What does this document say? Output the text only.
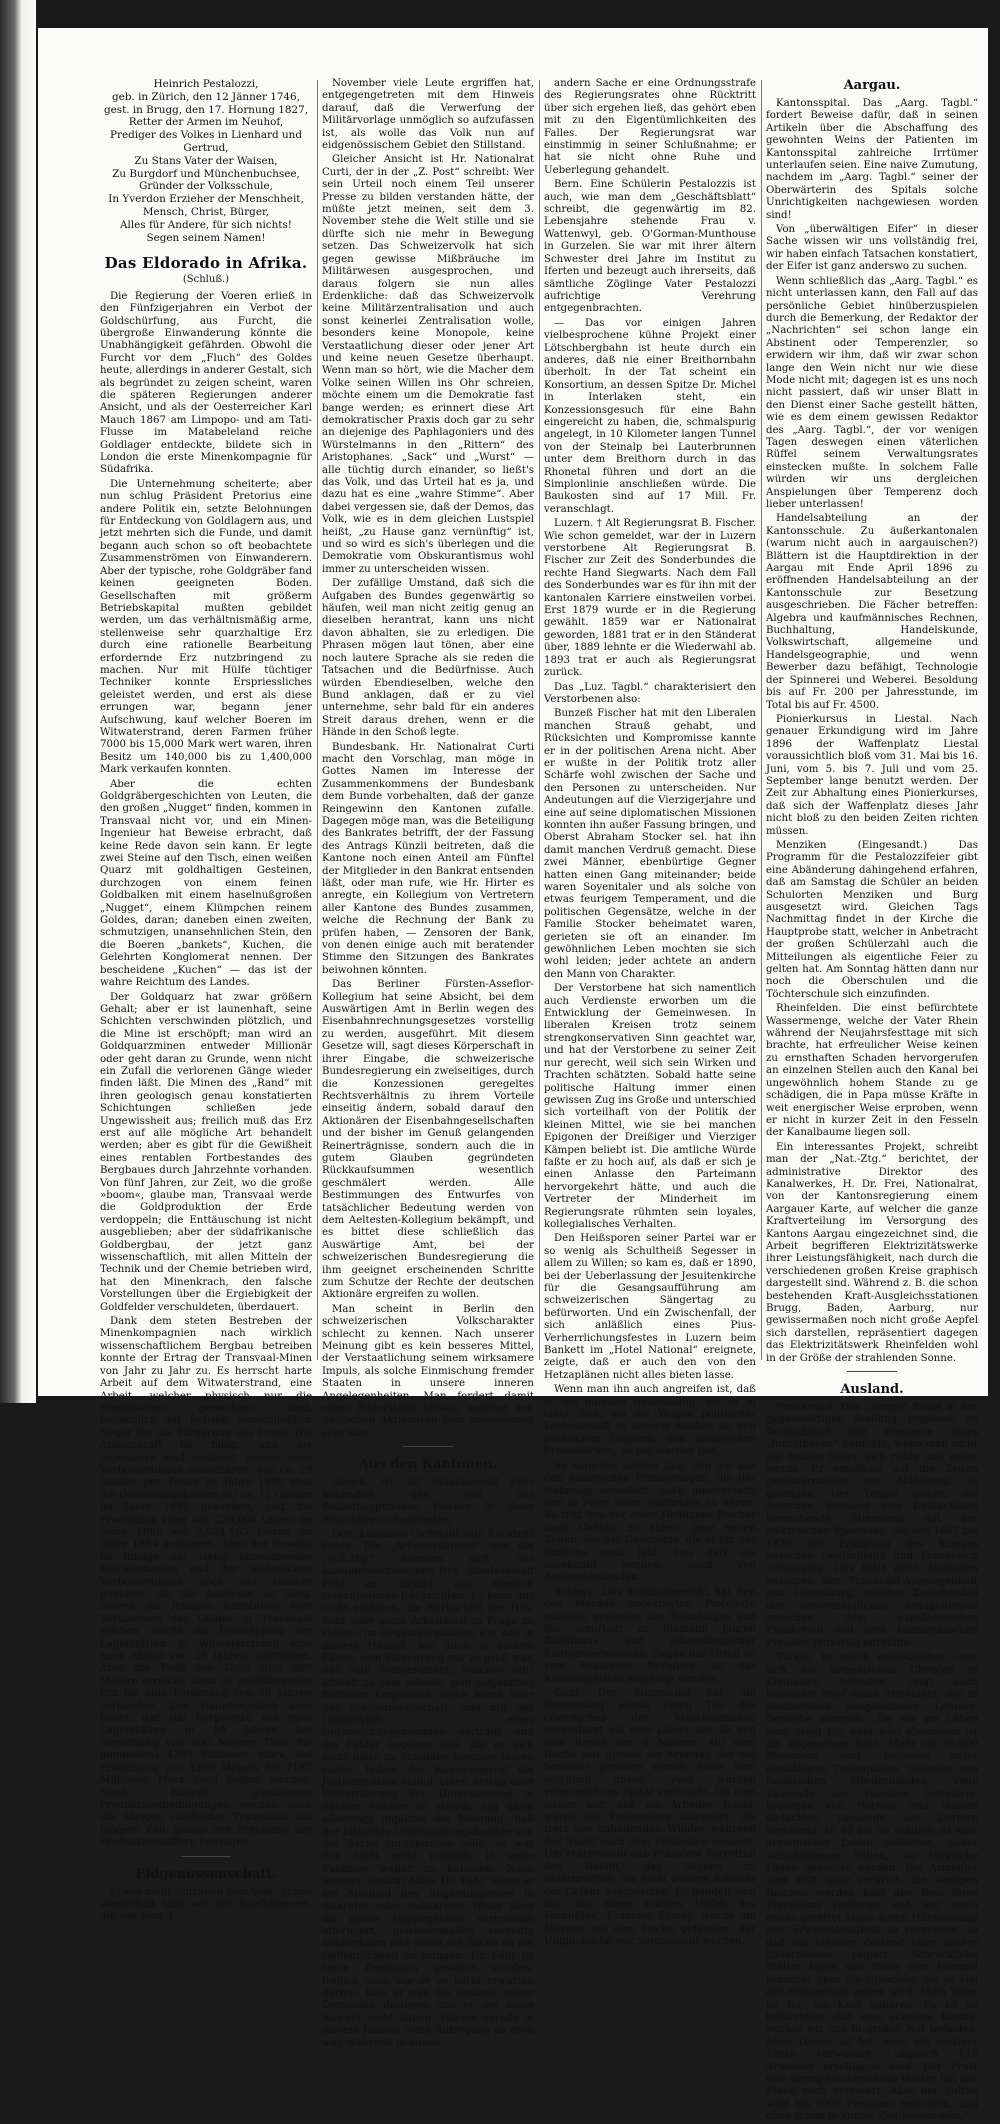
Heinrich Pestalozzi,
geb. in Zürich, den 12 Jänner 1746,
gest. in Brugg, den 17. Hornung 1827,
Retter der Armen im Neuhof,
Prediger des Volkes in Lienhard und Gertrud,
Zu Stans Vater der Waisen,
Zu Burgdorf und Münchenbuchsee,
Gründer der Volksschule,
In Yverdon Erzieher der Menschheit,
Mensch, Christ, Bürger,
Alles für Andere, für sich nichts!
Segen seinem Namen!
Das Eldorado in Afrika.
(Schluß.)

Die Regierung der Voeren erließ in den Fünfzigerjahren ein Verbot der Goldschürfung, aus Furcht, die übergroße Einwanderung könnte die Unabhängigkeit gefährden. Obwohl die Furcht vor dem „Fluch“ des Goldes heute, allerdings in anderer Gestalt, sich als begründet zu zeigen scheint, waren die späteren Regierungen anderer Ansicht, und als der Oesterreicher Karl Mauch 1867 am Limpopo- und am Tati-Flusse im Matabeleland reiche Goldlager entdeckte, bildete sich in London die erste Minenkompagnie für Südafrika.

Die Unternehmung scheiterte; aber nun schlug Präsident Pretorius eine andere Politik ein, setzte Belohnungen für Entdeckung von Goldlagern aus, und jetzt mehrten sich die Funde, und damit begann auch schon so oft beobachtete Zusammenströmen von Einwanderern. Aber der typische, rohe Goldgräber fand keinen geeigneten Boden. Gesellschaften mit größerm Betriebskapital mußten gebildet werden, um das verhältnismäßig arme, stellenweise sehr quarzhaltige Erz durch eine rationelle Bearbeitung erfordernde Erz nutzbringend zu machen. Nur mit Hülfe tüchtiger Techniker konnte Erspriessliches geleistet werden, und erst als diese errungen war, begann jener Aufschwung, kauf welcher Boeren im Witwaterstrand, deren Farmen früher 7000 bis 15,000 Mark wert waren, ihren Besitz um 140,000 bis zu 1,400,000 Mark verkaufen konnten.

Aber die echten Goldgräbergeschichten von Leuten, die den großen „Nugget“ finden, kommen in Transvaal nicht vor, und ein Minen-Ingenieur hat Beweise erbracht, daß keine Rede davon sein kann. Er legte zwei Steine auf den Tisch, einen weißen Quarz mit goldhaltigen Gesteinen, durchzogen von einem feinen Goldbalken mit einem haselnußgroßen „Nugget“, einem Klümpchen reinem Goldes, daran; daneben einen zweiten, schmutzigen, unansehnlichen Stein, den die Boeren „bankets“, Kuchen, die Gelehrten Konglomerat nennen. Der bescheidene „Kuchen“ — das ist der wahre Reichtum des Landes.

Der Goldquarz hat zwar größern Gehalt; aber er ist launenhaft, seine Schichten verschwinden plötzlich, und die Mine ist erschöpft; man wird an Goldquarzminen entweder Millionär oder geht daran zu Grunde, wenn nicht ein Zufall die verlorenen Gänge wieder finden läßt. Die Minen des „Rand“ mit ihren geologisch genau konstatierten Schichtungen schließen jede Ungewissheit aus; freilich muß das Erz erst auf alle mögliche Art behandelt werden; aber es gibt für die Gewißheit eines rentablen Fortbestandes des Bergbaues durch Jahrzehnte vorhanden. Von fünf Jahren, zur Zeit, wo die große »boom«, glaube man, Transvaal werde die Goldproduktion der Erde verdoppeln; die Enttäuschung ist nicht ausgeblieben; aber der südafrikanische Goldbergbau, der jetzt ganz wissenschaftlich, mit allen Mitteln der Technik und der Chemie betrieben wird, hat den Minenkrach, den falsche Vorstellungen über die Ergiebigkeit der Goldfelder verschuldeten, überdauert.

Dank dem steten Bestreben der Minenkompagnien nach wirklich wissenschaftlichem Bergbau betreiben konnte der Ertrag der Transvaal-Minen von Jahr zu Jahr zu. Es herrscht harte Arbeit auf dem Witwaterstrand, eine Arbeit, welcher physisch nur die Eingebornen gewachsen sind, tatsächlich der Betrieb, ausschließlich Neger für die Förderung des Erzes. Die Arbeitskraft ist billig, und die Ingenieure sind bestrebt, immer neue Verbesserungen einzuführen; von ca. 19 Gulden per Tonne im Jahre 1892 sind die Gewinnungskosten auf ca. 12 Gulden im Jahre 1895 gesunken, und die Produktion stieg von 230,000 Unzen im Jahre 1888 auf 2,024,163 Unzen im Jahre 1894 gestiegen. Aber der Gewinn ist infolge der stetig abnehmenden Betriebskosten und der technischen Verbesserungen noch viel rascher gehoben, als die Ausbeute an Gold. Soweit die jetzigen Kenntnisse vom Vorkommen des Goldes in Transvaal reichen, dürfte die Erschöpfung der Lagerstätten in Witwaterstrand eine nach Ablauf von 25 Jahren stattfinden. Aber die Tiefe von 1200 statt 800 Metern erreicht, dann ist goldführendes Erz für eine Förderung von 40 Jahren vorhanden. Das Hauptergebnis aber bleibt, daß die Bergwerke von zwei Lagerstätten in 10 Jahren bei Erreichung von 800 Metern Tiefe für mindestens 4289 Millionen Mark, bei Erreichung von 1200 Metern für 7187 Millionen Mark Gold liefern werden. Nach Eintritt günstigerer Produktionsbedingungen werden auch die übrigen Goldfelder Transvaals auf längere Zeit hinaus zur Erhöhung der Produktionsziffern beitragen.

Eidgenossenschaft.

Etwas mehr Zutrauen zum Volk. Schon wiederholt sind wir der Kopfhängerei, die seit dem 3.

November viele Leute ergriffen hat, entgegengetreten mit dem Hinweis darauf, daß die Verwerfung der Militärvorlage unmöglich so aufzufassen ist, als wolle das Volk nun auf eidgenössischem Gebiet den Stillstand.

Gleicher Ansicht ist Hr. Nationalrat Curti, der in der „Z. Post“ schreibt: Wer sein Urteil noch einem Teil unserer Presse zu bilden verstanden hätte, der müßte jetzt meinen, seit dem 3. November stehe die Welt stille und sie dürfte sich nie mehr in Bewegung setzen. Das Schweizervolk hat sich gegen gewisse Mißbräuche im Militärwesen ausgesprochen, und daraus folgern sie nun alles Erdenkliche: daß das Schweizervolk keine Militärzentralisation und auch sonst keinerlei Zentralisation wolle, besonders keine Monopole, keine Verstaatlichung dieser oder jener Art und keine neuen Gesetze überhaupt. Wenn man so hört, wie die Macher dem Volke seinen Willen ins Ohr schreien, möchte einem um die Demokratie fast bange werden; es erinnert diese Art demokratischer Praxis doch gar zu sehr an diejenige des Paphlagoniers und des Würstelmanns in den „Rittern“ des Aristophanes. „Sack“ und „Wurst“ — alle tüchtig durch einander, so ließt's das Volk, und das Urteil hat es ja, und dazu hat es eine „wahre Stimme“. Aber dabei vergessen sie, daß der Demos, das Volk, wie es in dem gleichen Lustspiel heißt, „zu Hause ganz vernünftig“ ist, und so wird es sich's überlegen und die Demokratie vom Obskurantismus wohl immer zu unterscheiden wissen.

Der zufällige Umstand, daß sich die Aufgaben des Bundes gegenwärtig so häufen, weil man nicht zeitig genug an dieselben herantrat, kann uns nicht davon abhalten, sie zu erledigen. Die Phrasen mögen laut tönen, aber eine noch lautere Sprache als sie reden die Tatsachen und die Bedürfnisse. Auch würden Ebendieselben, welche den Bund anklagen, daß er zu viel unternehme, sehr bald für ein anderes Streit daraus drehen, wenn er die Hände in den Schoß legte.

Bundesbank. Hr. Nationalrat Curti macht den Vorschlag, man möge in Gottes Namen im Interesse der Zusammenkommens der Bundesbank dem Bunde vorbehalten, daß der ganze Reingewinn den Kantonen zufalle. Dagegen möge man, was die Beteiligung des Bankrates betrifft, der der Fassung des Antrags Künzli beitreten, daß die Kantone noch einen Anteil am Fünftel der Mitglieder in den Bankrat entsenden läßt, oder man rufe, wie Hr. Hirter es anregte, ein Kollegium von Vertretern aller Kantone des Bundes zusammen, welche die Rechnung der Bank zu prüfen haben, — Zensoren der Bank, von denen einige auch mit beratender Stimme den Sitzungen des Bankrates beiwohnen könnten.

Das Berliner Fürsten-Asseflor-Kollegium hat seine Absicht, bei dem Auswärtigen Amt in Berlin wegen des Eisenbahnrechnungsgesetzes vorstellig zu werden, ausgeführt. Mit diesem Gesetze will, sagt dieses Körperschaft in ihrer Eingabe, die schweizerische Bundesregierung ein zweiseitiges, durch die Konzessionen geregeltes Rechtsverhältnis zu ihrem Vorteile einseitig ändern, sobald darauf den Aktionären der Eisenbahngesellschaften und der bisher im Genuß gelangenden Reinerträgnisse, sondern auch die in gutem Glauben gegründeten Rückkaufsummen wesentlich geschmälert werden. Alle Bestimmungen des Entwurfes von tatsächlicher Bedeutung werden von dem Aeltesten-Kollegium bekämpft, und es bittet diese schließlich das Auswärtige Amt, bei der schweizerischen Bundesregierung die ihm geeignet erscheinenden Schritte zum Schutze der Rechte der deutschen Aktionäre ergreifen zu wollen.

Man scheint in Berlin den schweizerischen Volkscharakter schlecht zu kennen. Nach unserer Meinung gibt es kein besseres Mittel, der Verstaatlichung seinem wirksamere Impuls, als solche Einmischung fremder Staaten in unsere inneren Angelegenheiten. Man fordert damit einen Widerstand heraus, welcher den deutschen Aktionären kein angenehmer sein wird.

Aus den Kantonen.

Zürich. Hr. alt Staatsanwalt Fehr behandelt, den Fall des Polizeihauptmanns Fischer in einer Broschüre zu bearbeiten.

Der „Landbote“ schreibt zum Rücktritt Fehrs: Die „Arbeiterstimme“ und die „N.Z.Ztg.“ nehmen sich des sozialdemokratischen Hrn. Staatsanwalt Fehr an, freilich aus ziemlich verschiedenen Rücksichten. Es kann uns nicht einfallen, die Ehrbarkeit des Hrn. Fehr oder seine Arbeitslust in Frage zu stellen. Im Gegenteil glauben wir, daß in diesem Handel, wie auch in andern Fällen, sein Tatendrang nur zu groß war, daß sein Temperament, welches sehr lebhaft zu sein scheint, sein subjektives Befinden Empfinden, seine Ideen über das Staatsanwaltschaft, und mit der Objektivität eines Untersuchungsbeamten verträgt und ihn Fehler begehen ließ, die er sich nicht hätte zu Schulden kommen lassen sollen. Indem der Regierungsrat die Justizdirektion einlud, einen Antrag über Weiterführung der Untersuchung in Sachen Fischer zu stellen, lag darin allerdings implizite die Meinung, daß der bisherige Untersuchungsbeamte von der Sache zurücktreten solle; es war ihm nicht mehr möglich, in seine Funktion weiter zu belassen. Nach unserer Ansicht hätte Hr. Fehr, wenn er ein Mitglied des Regierungsrates in diskreter oder indiskreter Weise über die ganze Angelegenheit vertraulich informiert, gewissermaßen vorzeitig aufmerksam und damit die Sache an die Oeffentlichkeit zu bringen. Hr. Fehr ist seine Demission gewährt worden, freilich noch wie er es hätte erwarten dürfen. Daß er nun die Gründe seiner Demission darlegen und er der seine Abwehr nicht haben, Warum gerade in diesem Handel seine Aufregung so groß war, während in einem

andern Sache er eine Ordnungsstrafe des Regierungsrates ohne Rücktritt über sich ergehen ließ, das gehört eben mit zu den Eigentümlichkeiten des Falles. Der Regierungsrat war einstimmig in seiner Schlußnahme; er hat sie nicht ohne Ruhe und Ueberlegung gehandelt.

Bern. Eine Schülerin Pestalozzis ist auch, wie man dem „Geschäftsblatt“ schreibt, die gegenwärtig im 82. Lebensjahre stehende Frau v. Wattenwyl, geb. O'Gorman-Munthouse in Gurzelen. Sie war mit ihrer ältern Schwester drei Jahre im Institut zu Iferten und bezeugt auch ihrerseits, daß sämtliche Zöglinge Vater Pestalozzi aufrichtige Verehrung entgegenbrachten.

— Das vor einigen Jahren vielbesprochene kühne Projekt einer Lötschbergbahn ist heute durch ein anderes, daß nie einer Breithornbahn überholt. In der Tat scheint ein Konsortium, an dessen Spitze Dr. Michel in Interlaken steht, ein Konzessionsgesuch für eine Bahn eingereicht zu haben, die, schmalspurig angelegt, in 10 Kilometer langen Tunnel von der Steinalp bei Lauterbrunnen unter dem Breithorn durch in das Rhonetal führen und dort an die Simplonlinie anschließen würde. Die Baukosten sind auf 17 Mill. Fr. veranschlagt.

Luzern. † Alt Regierungsrat B. Fischer. Wie schon gemeldet, war der in Luzern verstorbene Alt Regierungsrat B. Fischer zur Zeit des Sonderbundes die rechte Hand Siegwarts. Nach dem Fall des Sonderbundes war es für ihn mit der kantonalen Karriere einstweilen vorbei. Erst 1879 wurde er in die Regierung gewählt. 1859 war er Nationalrat geworden, 1881 trat er in den Ständerat über, 1889 lehnte er die Wiederwahl ab. 1893 trat er auch als Regierungsrat zurück.

Das „Luz. Tagbl.“ charakterisiert den Verstorbenen also:

Bunzeß Fischer hat mit den Liberalen manchen Strauß gehabt, und Rücksichten und Kompromisse kannte er in der politischen Arena nicht. Aber er wußte in der Politik trotz aller Schärfe wohl zwischen der Sache und den Personen zu unterscheiden. Nur Andeutungen auf die Vierzigerjahre und eine auf seine diplomatischen Missionen konnten ihn außer Fassung bringen, und Oberst Abraham Stocker sel. hat ihn damit manchen Verdruß gemacht. Diese zwei Männer, ebenbürtige Gegner hatten einen Gang miteinander; beide waren Soyenitaler und als solche von etwas feurigem Temperament, und die politischen Gegensätze, welche in der Familie Stocker beheimatet waren, gerieten sie oft an einander. Im gewöhnlichen Leben mochten sie sich wohl leiden; jeder achtete an andern den Mann von Charakter.

Der Verstorbene hat sich namentlich auch Verdienste erworben um die Entwicklung der Gemeinwesen. In liberalen Kreisen trotz seinem strengkonservativen Sinn geachtet war, und hat der Verstorbene zu seiner Zeit nur gerecht, weil sich sein Wirken und Trachten schätzten. Sobald hatte seine politische Haltung immer einen gewissen Zug ins Große und unterschied sich vorteilhaft von der Politik der kleinen Mittel, wie sie bei manchen Epigonen der Dreißiger und Vierziger Kämpen beliebt ist. Die amtliche Würde faßte er zu hoch auf, als daß er sich je einen Anlasse den Parteimann hervorgekehrt hätte, und auch die Vertreter der Minderheit im Regierungsrate rühmten sein loyales, kollegialisches Verhalten.

Den Heißsporen seiner Partei war er so wenig als Schultheiß Segesser in allem zu Willen; so kam es, daß er 1890, bei der Ueberlassung der Jesuitenkirche für die Gesangsaufführung am schweizerischen Sängertag zu befürworten. Und ein Zwischenfall, der sich anläßlich eines Pius-Verherrlichungsfestes in Luzern beim Bankett im „Hotel National“ ereignete, zeigte, daß er auch den von den Hetzaplänen nicht alles bieten lasse.

Wenn man ihn auch angreifen ist, daß er die humane Behandlung, die er in einer Zeit, wo die Wogen politischer Leidenschaft in unserm Kanton an den politischen Gegnern, den gefangenen Freischärlern, zu teil werden ließ.

So mancher schöne Zug, den wir aus den zahlreichen Erinnerungen, die der Nekrolog veranlaßt, auch unsererseits ihm in Form eines Nachrufes zu ehren. So tritt ihm vor einer Heintzens Fischer nach Gebühr zu ehren. Jene neuen Zeiten, die das Geschöpfe, die er für das Ehrliche noch lebt. Das darf die anerkannt werden, auch von Andersdenkenden.

Schwyz. Das Kriminalgericht hat den des Mordes angeklagten Piccolotto schuldig gefunden des Totschlages und ihn verurteilt zu fünfzehn Jahren Zuchthaus und lebenslänglicher Kantonsverweisung. Gegen das Urteil ist vom Beklagten Berufung an das Kantonsgericht eingelegt worden.

Genf. Der Sturmwind hat am Donnerstag abend einen Teil des Oberdaches der Maschinenhalle umgestürzt auf eine Länge von 45 und eine Breite von 4 Metern. Auf dem Dache war gerade ein Arbeiter, der mit herunter gerissen wurde; einer kam glücklich davon; zwei wurden verwundet ins Spital verbracht. Da man sicher war, daß ein Arbeiter fehlte, wurde die Feuerwehre alarmiert, die trotz des anhaltenden Windes während der Nacht nach dem Fehlenden gesucht. Um Mitternacht gab Präsident Turrettini den Befehl, das Suchen zu unterbrechen, um nicht weitere Arbeiter der Gefahr auszusetzen. Es handelt sich nun um einen solchen Unfall des Vermißten, Francois Fumay, wurde am Morgen auf dem Dache gefunden; der Unglückliche war zerquetscht worden.

Aargau.

Kantonsspital. Das „Aarg. Tagbl.“ fordert Beweise dafür, daß in seinen Artikeln über die Abschaffung des gewohnten Weins der Patienten im Kantonsspital zahlreiche Irrtümer unterlaufen seien. Eine naive Zumutung, nachdem im „Aarg. Tagbl.“ seiner der Oberwärterin des Spitals solche Unrichtigkeiten nachgewiesen worden sind!

Von „überwältigen Eifer“ in dieser Sache wissen wir uns vollständig frei, wir haben einfach Tatsachen konstatiert, der Eifer ist ganz anderswo zu suchen.

Wenn schließlich das „Aarg. Tagbl.“ es nicht unterlassen kann, den Fall auf das persönliche Gebiet hinüberzuspielen durch die Bemerkung, der Redaktor der „Nachrichten“ sei schon lange ein Abstinent oder Temperenzler, so erwidern wir ihm, daß wir zwar schon lange den Wein nicht nur wie diese Mode nicht mit; dagegen ist es uns noch nicht passiert, daß wir unser Blatt in den Dienst einer Sache gestellt hätten, wie es dem einem gewissen Redaktor des „Aarg. Tagbl.“, der vor wenigen Tagen deswegen einen väterlichen Rüffel seinem Verwaltungsrates einstecken mußte. In solchem Falle würden wir uns dergleichen Anspielungen über Temperenz doch lieber unterlassen!

Handelsabteilung an der Kantonsschule. Zu äußerkantonalen (warum nicht auch in aargauischen?) Blättern ist die Hauptdirektion in der Aargau mit Ende April 1896 zu eröffnenden Handelsabteilung an der Kantonsschule zur Besetzung ausgeschrieben. Die Fächer betreffen: Algebra und kaufmännisches Rechnen, Buchhaltung, Handelskunde, Volkswirtschaft, allgemeine und Handelsgeographie, und wenn Bewerber dazu befähigt, Technologie der Spinnerei und Weberei. Besoldung bis auf Fr. 200 per Jahresstunde, im Total bis auf Fr. 4500.

Pionierkursus in Liestal. Nach genauer Erkundigung wird im Jahre 1896 der Waffenplatz Liestal voraussichtlich bloß vom 31. Mai bis 16. Juni, vom 5. bis 7. Juli und vom 25. September lange benutzt werden. Der Zeit zur Abhaltung eines Pionierkurses, daß sich der Waffenplatz dieses Jahr nicht bloß zu den beiden Zeiten richten müssen.

Menziken (Eingesandt.) Das Programm für die Pestalozzifeier gibt eine Abänderung dahingehend erfahren, daß am Samstag die Schüler an beiden Schulorten Menziken und Burg ausgesetzt wird. Gleichen Tags Nachmittag findet in der Kirche die Hauptprobe statt, welcher in Anbetracht der großen Schülerzahl auch die Mitteilungen als eigentliche Feier zu gelten hat. Am Sonntag hätten dann nur noch die Oberschulen und die Töchterschule sich einzufinden.

Rheinfelden. Die einst befürchtete Wassermenge, welche der Vater Rhein während der Neujahrsfesttage mit sich brachte, hat erfreulicher Weise keinen zu ernsthaften Schaden hervorgerufen an einzelnen Stellen auch den Kanal bei ungewöhnlich hohem Stande zu ge schädigen, die in Papa müsse Kräfte in weit energischer Weise erproben, wenn er nicht in kurzer Zeit in den Fesseln der Kanalbaume liegen soll.

Ein interessantes Projekt, schreibt man der „Nat.-Ztg.“ berichtet, der administrative Direktor des Kanalwerkes, H. Dr. Frei, Nationalrat, von der Kantonsregierung einem Aargauer Karte, auf welcher die ganze Kraftverteilung im Versorgung des Kantons Aargau eingezeichnet sind, die Arbeit begrifferen Elektrizitätswerke ihrer Leistungsfähigkeit, nach durch die verschiedenen großen Kreise graphisch dargestellt sind. Während z. B. die schon bestehenden Kraft-Ausgleichsstationen Brugg, Baden, Aarburg, nur gewissermaßen noch nicht große Aepfel sich darstellen, repräsentiert dagegen das Elektrizitätswerk Rheinfelden wohl in der Größe der strahlenden Sonne.

Ausland.

Frankreich. Der „Temps“ findet in der gegenwärtigen Stellung Englands zu Deutschland alle Elemente eines „furchtbaren“ Konflikts, wenn man nicht auf beiden Seiten sich ruhig und weise werde. Er empfiehlt auf die Zeiten gewissermaßen zur Mäßigung zu gelangen. Der Temps glaubt, die zwischen England und Deutschland herrschende Stimmung mit der elektrischen Spannung, die von 1867 bis 1870 der Erklärung des Krieges zwischen Deutschland und Frankreich vorausging. Das Blatt zieht Analogien zwischen der Transvaal-Angelegenheit und Luxemburg, welcher Zwischenfall den unvermeidlichen Antagonismus zwischen dem napoleonischen Frankreich und dem bismarckischen Preußen blitzartig enthüllte.

Türkei. In welch entsetzlicher Lage sich die armenischen Christen in Kleinasien befinden, zeigt auch folgender Brief eines Armeniers, der in Deutschland ausgebildeten Lehrers. Derselbe schreibt: „Da wir am Leben sind, steht Du, aber wie! Kleinasien ist ein allgemeiner Ruin. Mehr als 50,000 Menschen sind, teilweise unter furchtbaren Todesqualen, teilweise von fanatischen Mörderhänden, viele Tausende von Familien bettelarm, tausende von Witwen und Waisen obdachlos, tausende von Dörfern verbrannt. In 40 bis 50 Städten ist kein armenischer Laden geblieben, außer verschiedenen Fällen, wo türkische Läden geduldet werden. Die Armenier sind jetzt ganz verarmt, die wenigen Reichen werden bald den Rest ihres Eigentums verlieren und wer noch etwas gerettet Habe durch Hilfeleistung und Erwerbslosigkeit zu verzehren, so daß ein elender Zustand über unsere Unterthanen regiert. Schreckliche Blätter lagen das Blaue vom Himmel herunter über die Ursachen, die es viel der Hungersnot geben wird. Mein Vater ist tot, ein Kind geboren. Es ist zu befürchten, daß eine schwere Kirche, worauf wir uns in großer Not befinden. Mein Diener ist tot, mein ein einziger Türke verwundet, obgleich 113 Armenier erschlagen sind. Der Frost und streng einzutretende Winter hat das Elend noch vermehrt. Aber der Sultan wird bis 3000 Personen bestrafen, und ohne schon in kurzer Zeit besser sein.“
